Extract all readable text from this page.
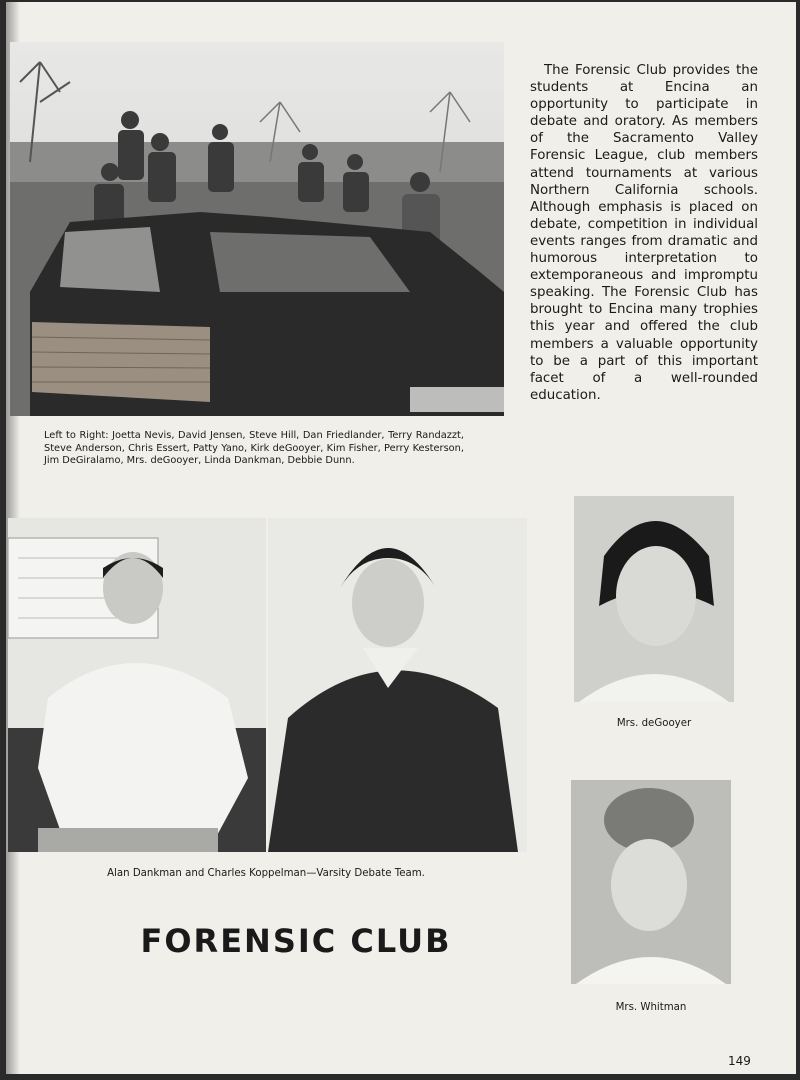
The Forensic Club provides the students at Encina an opportunity to participate in debate and oratory. As members of the Sacramento Valley Forensic League, club members attend tournaments at various Northern California schools. Although emphasis is placed on debate, competition in individual events ranges from dramatic and humorous interpretation to extemporaneous and impromptu speaking. The Forensic Club has brought to Encina many trophies this year and offered the club members a valuable opportunity to be a part of this important facet of a well-rounded education.
Left to Right: Joetta Nevis, David Jensen, Steve Hill, Dan Friedlander, Terry Randazzt, Steve Anderson, Chris Essert, Patty Yano, Kirk deGooyer, Kim Fisher, Perry Kesterson, Jim DeGiralamo, Mrs. deGooyer, Linda Dankman, Debbie Dunn.
Alan Dankman and Charles Koppelman—Varsity Debate Team.
Mrs. deGooyer
Mrs. Whitman
FORENSIC CLUB
149
